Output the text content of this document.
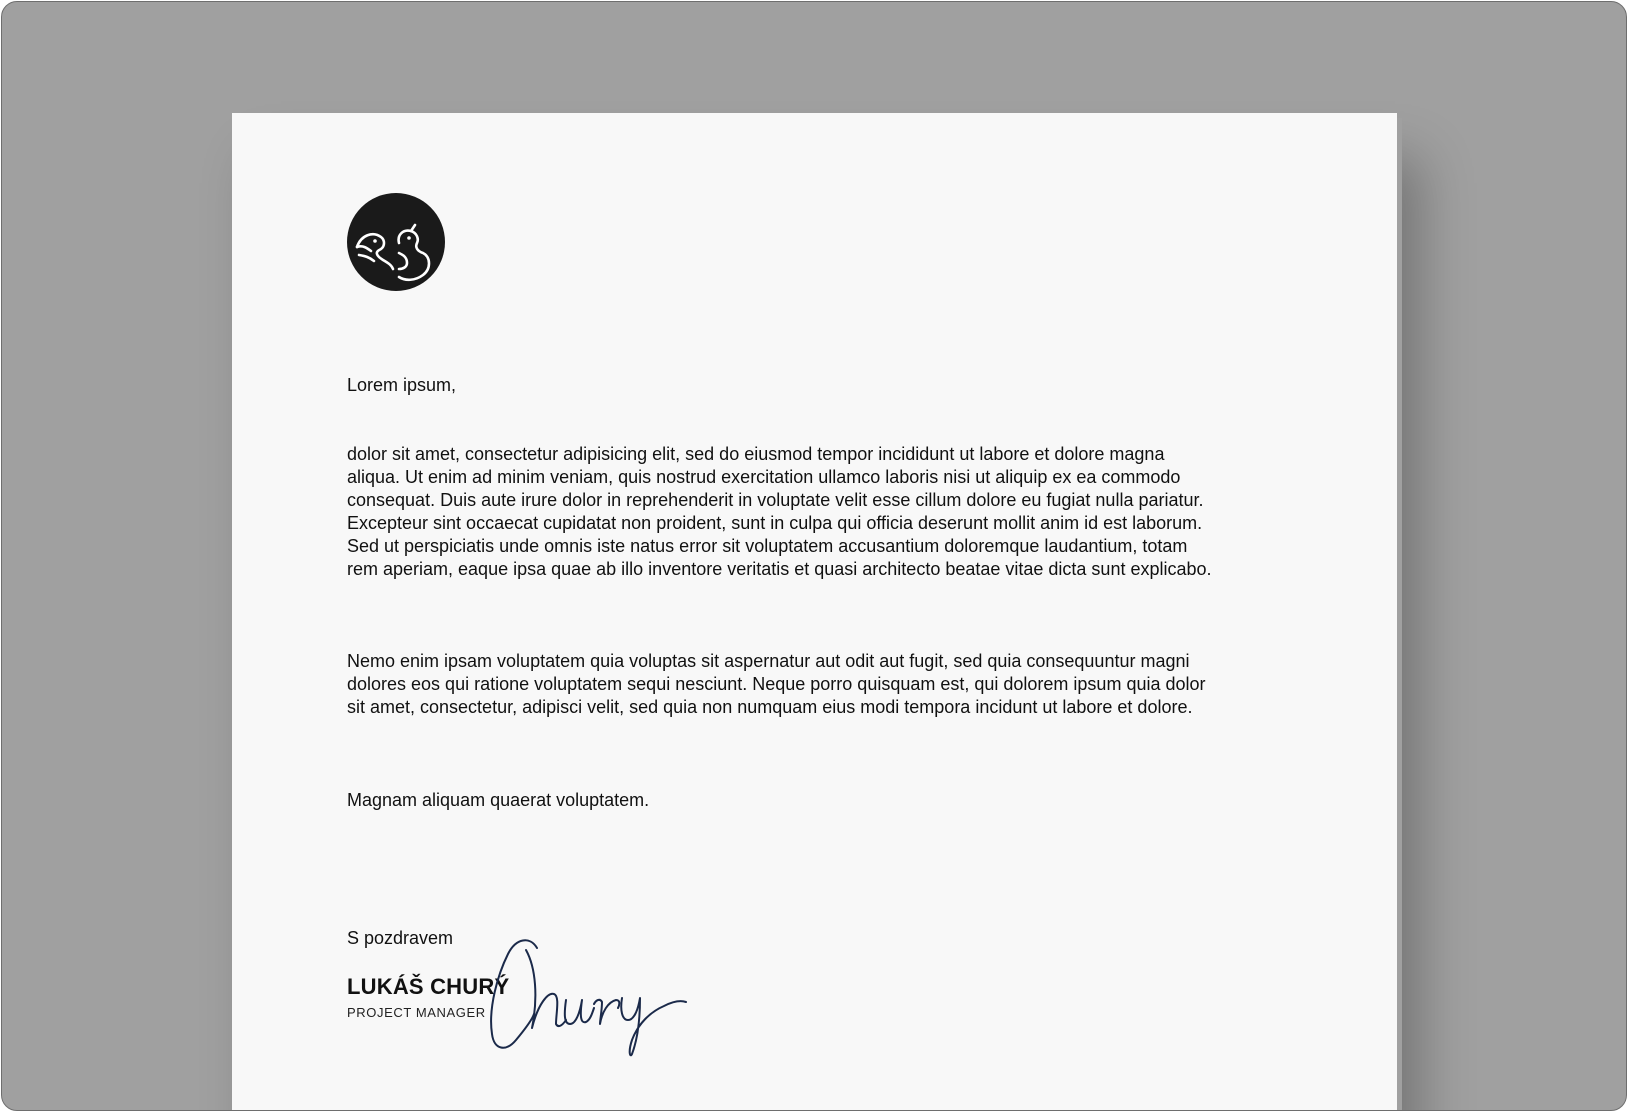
Lorem ipsum,
dolor sit amet, consectetur adipisicing elit, sed do eiusmod tempor incididunt ut labore et dolore magna aliqua. Ut enim ad minim veniam, quis nostrud exercitation ullamco laboris nisi ut aliquip ex ea commodo consequat. Duis aute irure dolor in reprehenderit in voluptate velit esse cillum dolore eu fugiat nulla pariatur. Excepteur sint occaecat cupidatat non proident, sunt in culpa qui officia deserunt mollit anim id est laborum. Sed ut perspiciatis unde omnis iste natus error sit voluptatem accusantium doloremque laudantium, totam rem aperiam, eaque ipsa quae ab illo inventore veritatis et quasi architecto beatae vitae dicta sunt explicabo.
Nemo enim ipsam voluptatem quia voluptas sit aspernatur aut odit aut fugit, sed quia consequuntur magni dolores eos qui ratione voluptatem sequi nesciunt. Neque porro quisquam est, qui dolorem ipsum quia dolor sit amet, consectetur, adipisci velit, sed quia non numquam eius modi tempora incidunt ut labore et dolore.
Magnam aliquam quaerat voluptatem.
S pozdravem
LUKÁŠ CHURÝ
PROJECT MANAGER
